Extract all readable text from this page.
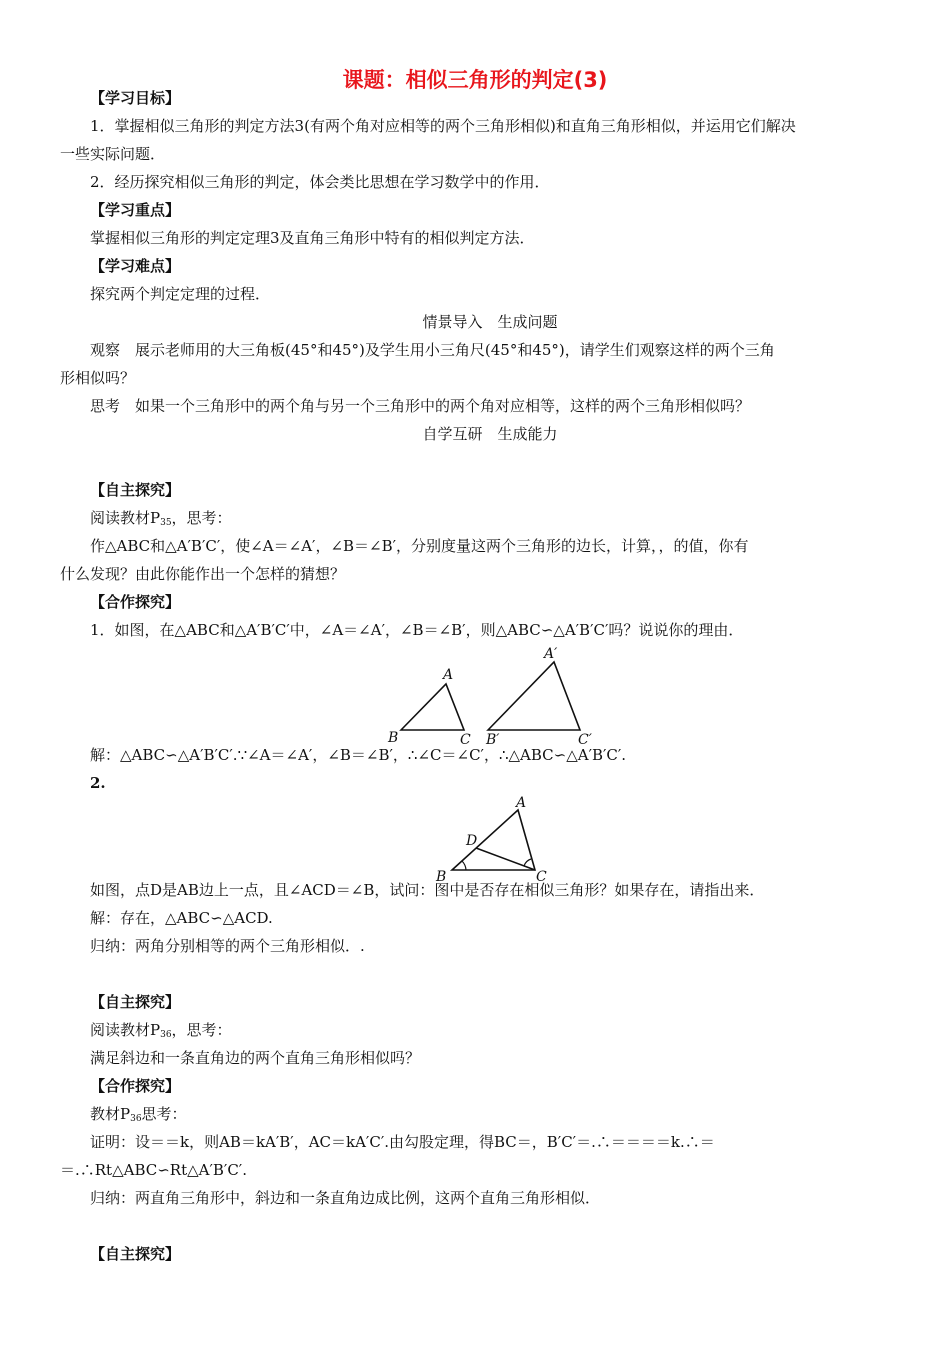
课题：相似三角形的判定(3)
【学习目标】
1．掌握相似三角形的判定方法3(有两个角对应相等的两个三角形相似)和直角三角形相似，并运用它们解决
一些实际问题．
2．经历探究相似三角形的判定，体会类比思想在学习数学中的作用．
【学习重点】
掌握相似三角形的判定定理3及直角三角形中特有的相似判定方法．
【学习难点】
探究两个判定定理的过程．
情景导入　生成问题
观察　展示老师用的大三角板(45°和45°)及学生用小三角尺(45°和45°)，请学生们观察这样的两个三角
形相似吗？
思考　如果一个三角形中的两个角与另一个三角形中的两个角对应相等，这样的两个三角形相似吗？
自学互研　生成能力
【自主探究】
阅读教材$P_{35}$，思考：
作△ABC和△A′B′C′，使∠A＝∠A′，∠B＝∠B′，分别度量这两个三角形的边长，计算，，的值，你有
什么发现？由此你能作出一个怎样的猜想？
【合作探究】
1．如图，在△ABC和△A′B′C′中，∠A＝∠A′，∠B＝∠B′，则△ABC∽△A′B′C′吗？说说你的理由．
A
B	C
A′
B′	C′
解：△ABC∽△A′B′C′.∵∠A＝∠A′，∠B＝∠B′，∴∠C＝∠C′，∴△ABC∽△A′B′C′.
2.
A
B	C
D
如图，点D是AB边上一点，且∠ACD＝∠B，试问：图中是否存在相似三角形？如果存在，请指出来．
解：存在，△ABC∽△ACD.
归纳：两角分别相等的两个三角形相似．.
【自主探究】
阅读教材$P_{36}$，思考：
满足斜边和一条直角边的两个直角三角形相似吗？
【合作探究】
教材$P_{36}$思考：
证明：设＝＝k，则AB＝kA′B′，AC＝kA′C′.由勾股定理，得BC＝，B′C′＝.∴＝＝＝＝k.∴＝
＝.∴Rt△ABC∽Rt△A′B′C′.
归纳：两直角三角形中，斜边和一条直角边成比例，这两个直角三角形相似．
【自主探究】
